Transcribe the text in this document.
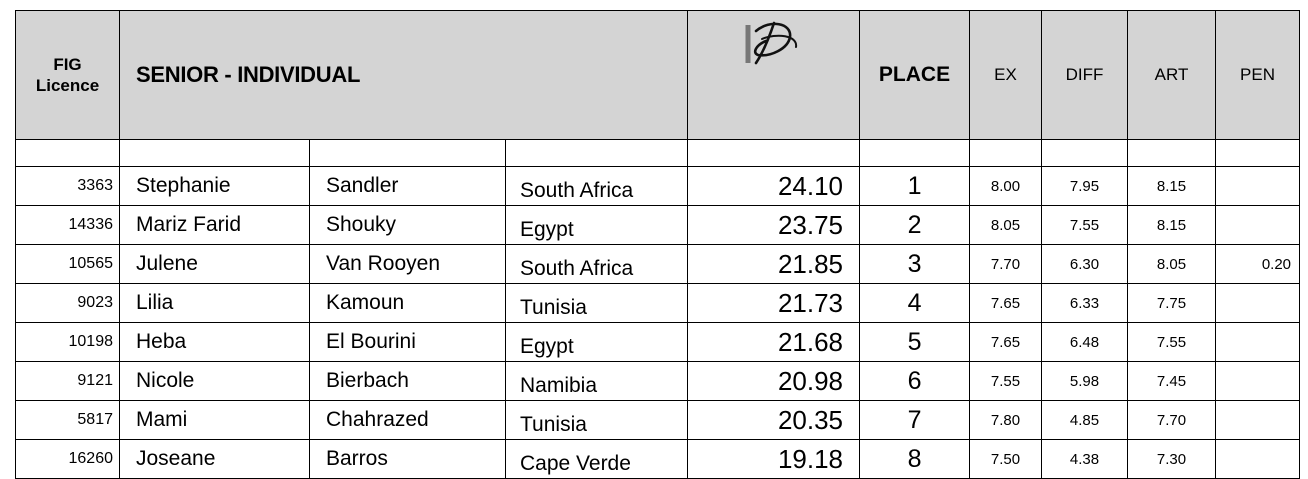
FIG
Licence	SENIOR - INDIVIDUAL				PLACE	EX	DIFF	ART	PEN

3363	Stephanie	Sandler	South Africa	24.10	1	8.00	7.95	8.15	
14336	Mariz Farid	Shouky	Egypt	23.75	2	8.05	7.55	8.15	
10565	Julene	Van Rooyen	South Africa	21.85	3	7.70	6.30	8.05	0.20
9023	Lilia	Kamoun	Tunisia	21.73	4	7.65	6.33	7.75	
10198	Heba	El Bourini	Egypt	21.68	5	7.65	6.48	7.55	
9121	Nicole	Bierbach	Namibia	20.98	6	7.55	5.98	7.45	
5817	Mami	Chahrazed	Tunisia	20.35	7	7.80	4.85	7.70	
16260	Joseane	Barros	Cape Verde	19.18	8	7.50	4.38	7.30	
